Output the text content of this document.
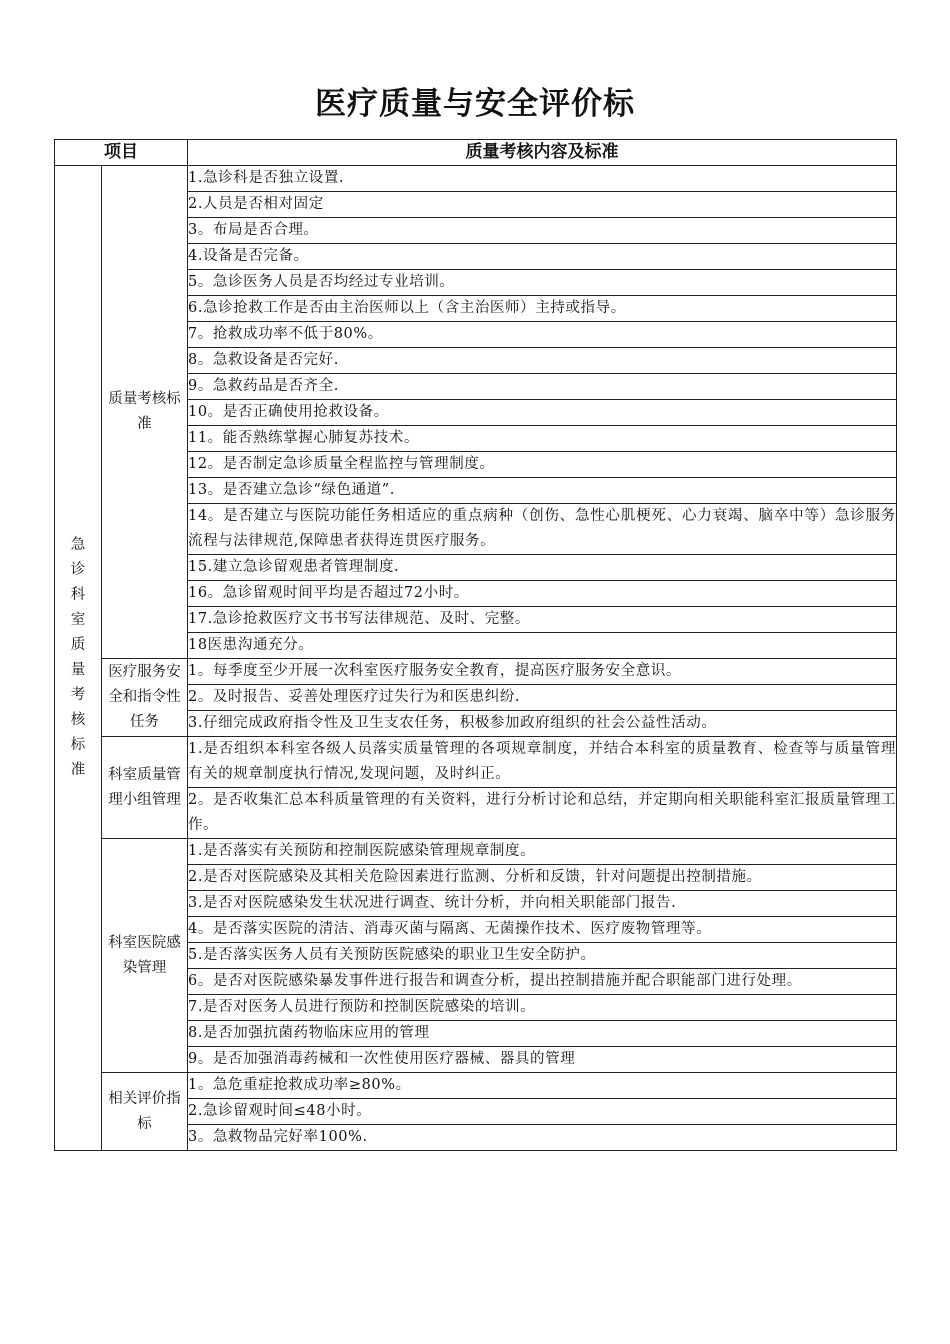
医疗质量与安全评价标
项目		质量考核内容及标准

急诊科室质量考核标准	质量考核标准	1.急诊科是否独立设置.
		2.人员是否相对固定
		3。布局是否合理。
		4.设备是否完备。
		5。急诊医务人员是否均经过专业培训。
		6.急诊抢救工作是否由主治医师以上（含主治医师）主持或指导。
		7。抢救成功率不低于80%。
		8。急救设备是否完好.
		9。急救药品是否齐全.
		10。是否正确使用抢救设备。
		11。能否熟练掌握心肺复苏技术。
		12。是否制定急诊质量全程监控与管理制度。
		13。是否建立急诊“绿色通道”.
		14。是否建立与医院功能任务相适应的重点病种（创伤、急性心肌梗死、心力衰竭、脑卒中等）急诊服务流程与法律规范,保障患者获得连贯医疗服务。
		15.建立急诊留观患者管理制度.
		16。急诊留观时间平均是否超过72小时。
		17.急诊抢救医疗文书书写法律规范、及时、完整。
		18医患沟通充分。
	医疗服务安全和指令性任务	1。每季度至少开展一次科室医疗服务安全教育，提高医疗服务安全意识。
		2。及时报告、妥善处理医疗过失行为和医患纠纷.
		3.仔细完成政府指令性及卫生支农任务，积极参加政府组织的社会公益性活动。
	科室质量管理小组管理	1.是否组织本科室各级人员落实质量管理的各项规章制度，并结合本科室的质量教育、检查等与质量管理有关的规章制度执行情况,发现问题，及时纠正。
		2。是否收集汇总本科质量管理的有关资料，进行分析讨论和总结，并定期向相关职能科室汇报质量管理工作。
	科室医院感染管理	1.是否落实有关预防和控制医院感染管理规章制度。
		2.是否对医院感染及其相关危险因素进行监测、分析和反馈，针对问题提出控制措施。
		3.是否对医院感染发生状况进行调查、统计分析，并向相关职能部门报告.
		4。是否落实医院的清洁、消毒灭菌与隔离、无菌操作技术、医疗废物管理等。
		5.是否落实医务人员有关预防医院感染的职业卫生安全防护。
		6。是否对医院感染暴发事件进行报告和调查分析，提出控制措施并配合职能部门进行处理。
		7.是否对医务人员进行预防和控制医院感染的培训。
		8.是否加强抗菌药物临床应用的管理
		9。是否加强消毒药械和一次性使用医疗器械、器具的管理
	相关评价指标	1。急危重症抢救成功率≥80%。
		2.急诊留观时间≤48小时。
		3。急救物品完好率100%.
